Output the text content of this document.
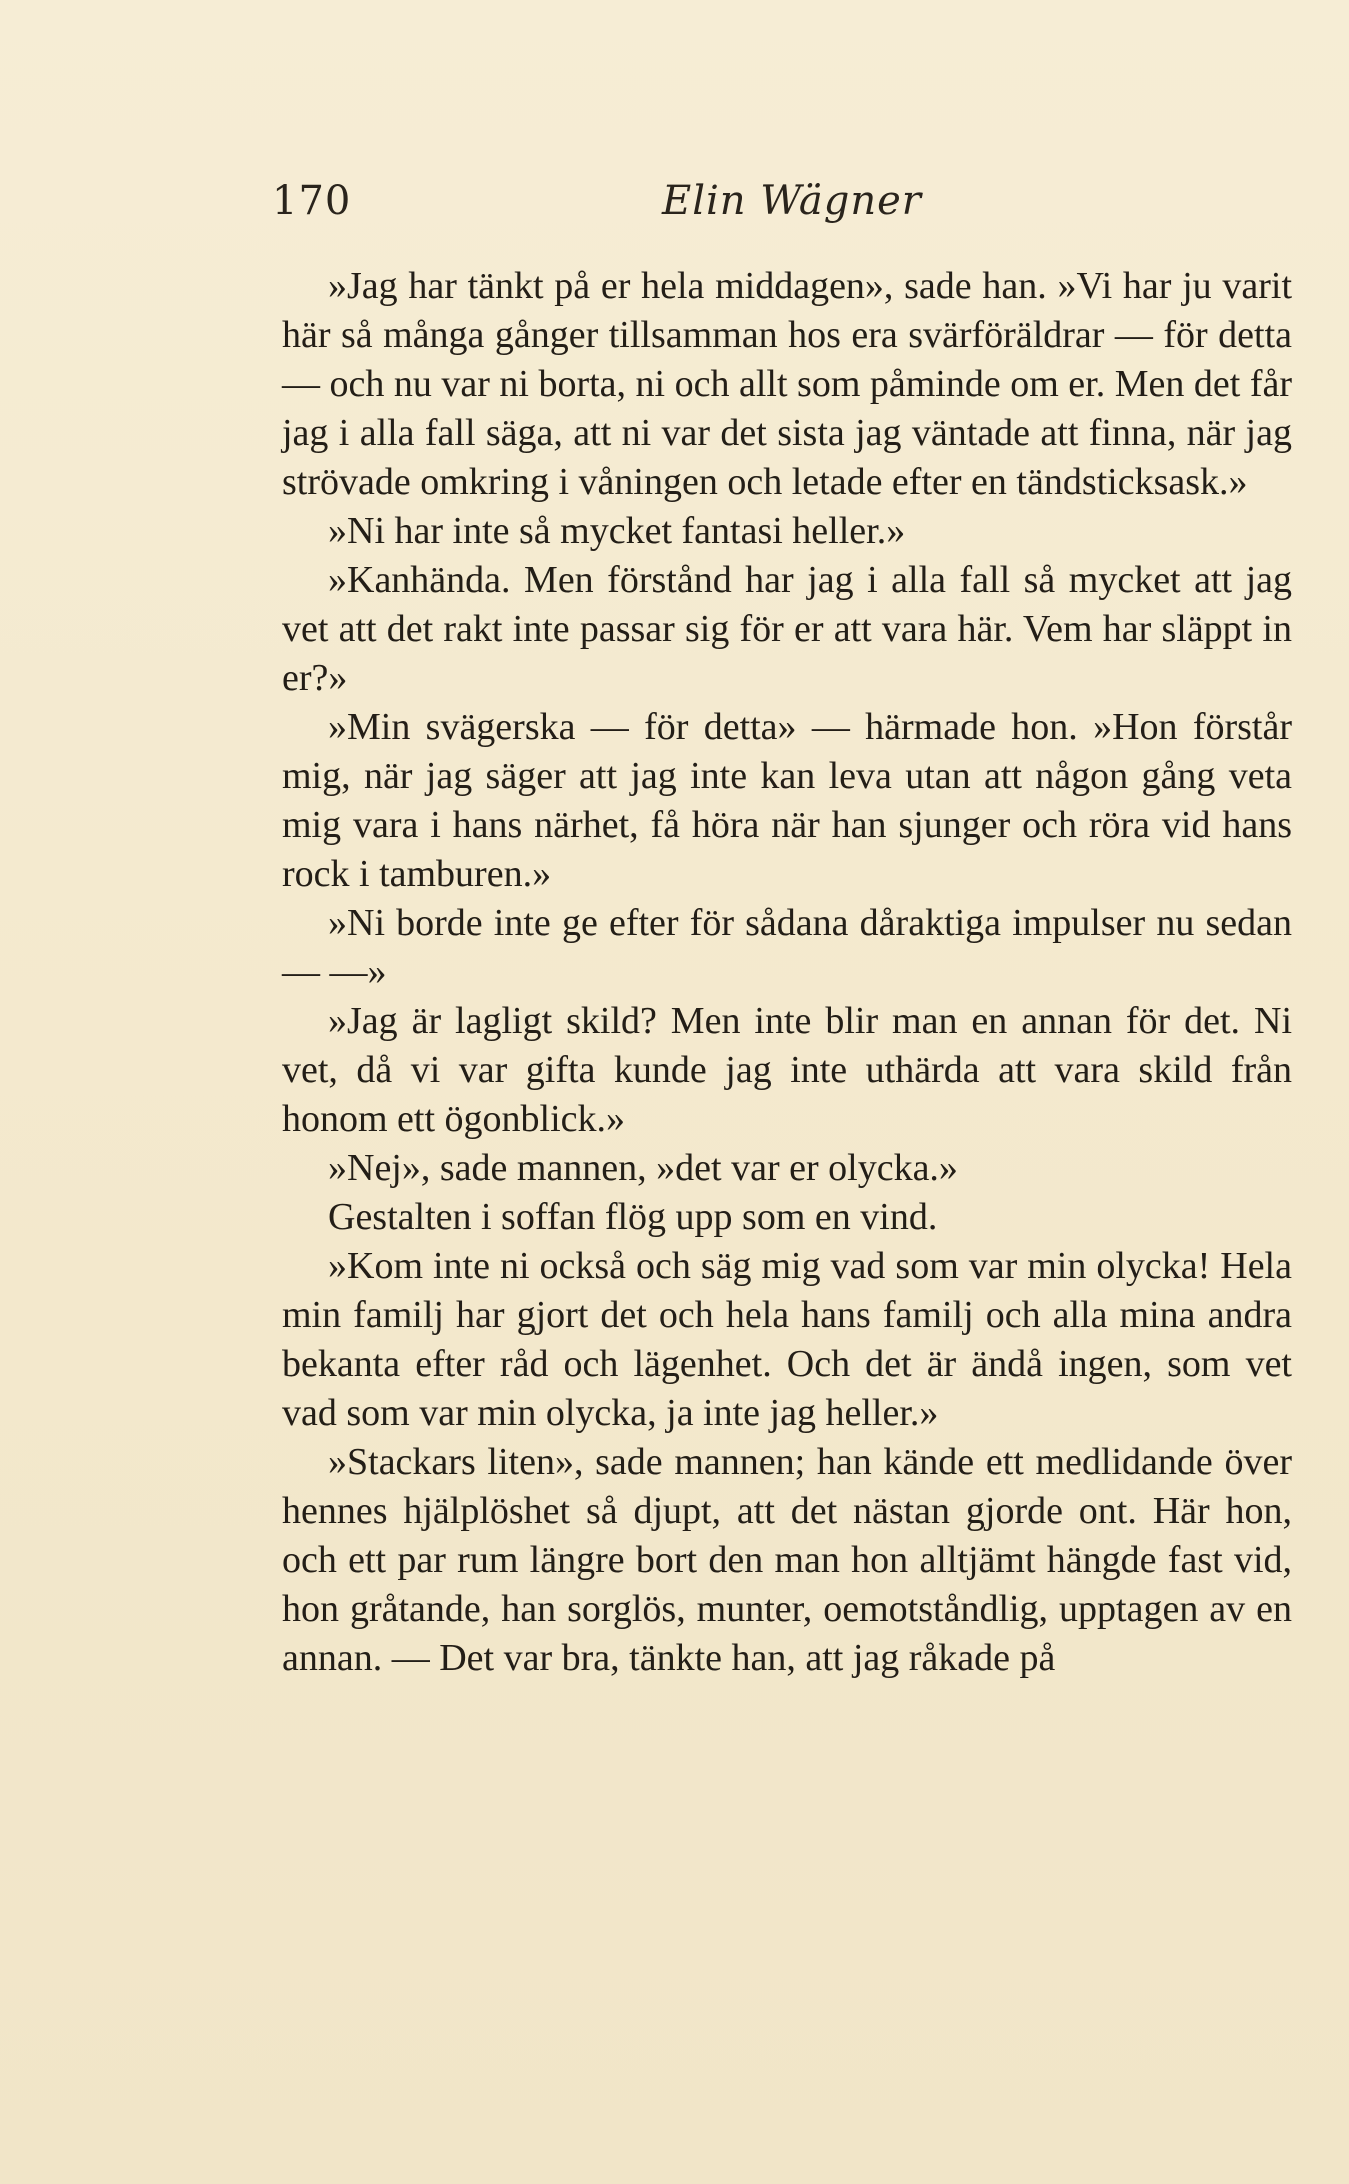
170	Elin Wägner

»Jag har tänkt på er hela middagen», sade han. »Vi har ju varit här så många gånger tillsamman hos era svärföräldrar — för detta — och nu var ni borta, ni och allt som påminde om er. Men det får jag i alla fall säga, att ni var det sista jag väntade att finna, när jag strövade omkring i våningen och letade efter en tändsticksask.»

»Ni har inte så mycket fantasi heller.»

»Kanhända. Men förstånd har jag i alla fall så mycket att jag vet att det rakt inte passar sig för er att vara här. Vem har släppt in er?»

»Min svägerska — för detta» — härmade hon. »Hon förstår mig, när jag säger att jag inte kan leva utan att någon gång veta mig vara i hans närhet, få höra när han sjunger och röra vid hans rock i tamburen.»

»Ni borde inte ge efter för sådana dåraktiga impulser nu sedan — —»

»Jag är lagligt skild? Men inte blir man en annan för det. Ni vet, då vi var gifta kunde jag inte uthärda att vara skild från honom ett ögonblick.»

»Nej», sade mannen, »det var er olycka.»

Gestalten i soffan flög upp som en vind.

»Kom inte ni också och säg mig vad som var min olycka! Hela min familj har gjort det och hela hans familj och alla mina andra bekanta efter råd och lägenhet. Och det är ändå ingen, som vet vad som var min olycka, ja inte jag heller.»

»Stackars liten», sade mannen; han kände ett medlidande över hennes hjälplöshet så djupt, att det nästan gjorde ont. Här hon, och ett par rum längre bort den man hon alltjämt hängde fast vid, hon gråtande, han sorglös, munter, oemotståndlig, upptagen av en annan. — Det var bra, tänkte han, att jag råkade på
